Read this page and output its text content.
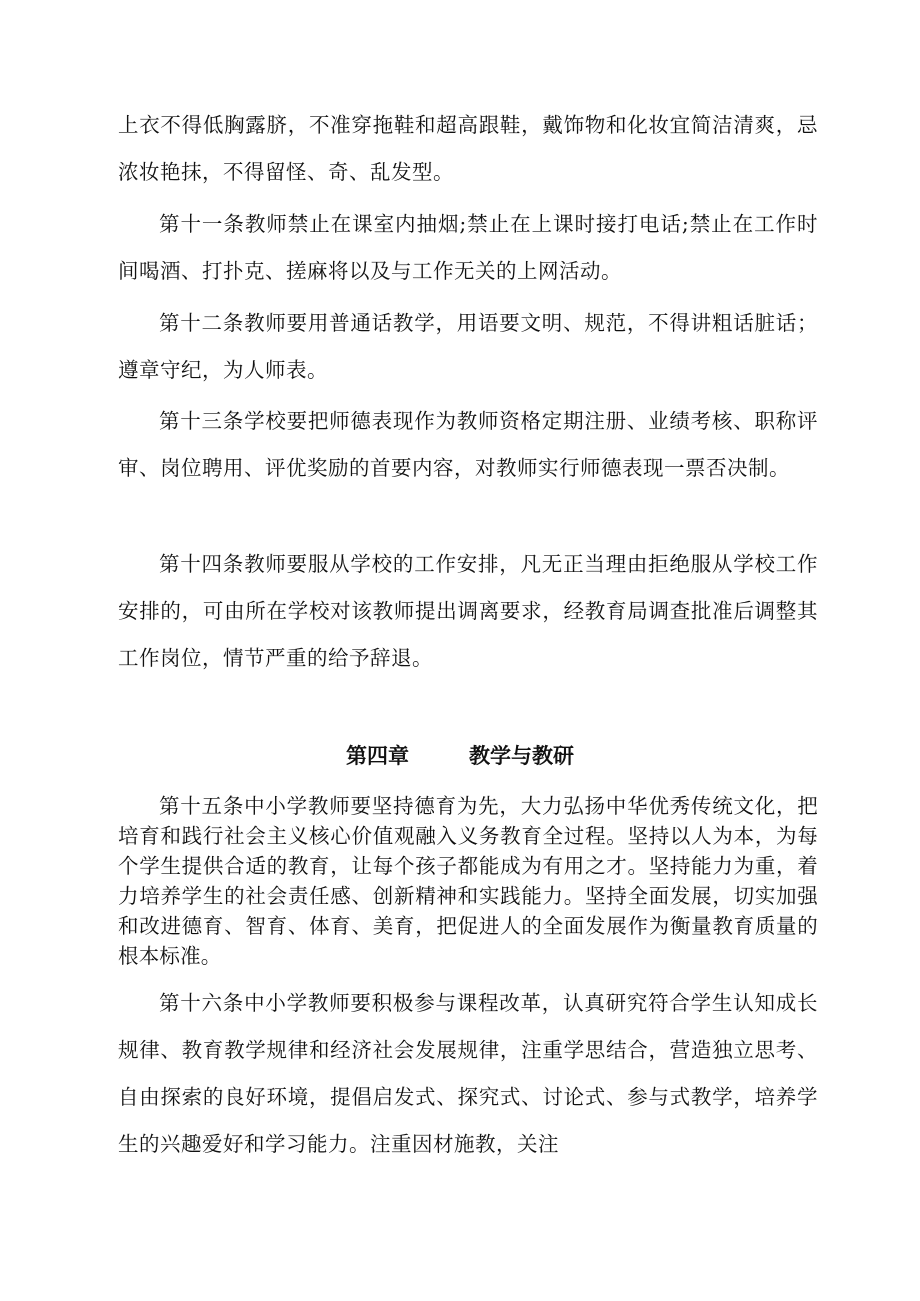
上衣不得低胸露脐，不准穿拖鞋和超高跟鞋，戴饰物和化妆宜简洁清爽，忌浓妆艳抹，不得留怪、奇、乱发型。

第十一条教师禁止在课室内抽烟;禁止在上课时接打电话;禁止在工作时间喝酒、打扑克、搓麻将以及与工作无关的上网活动。

第十二条教师要用普通话教学，用语要文明、规范，不得讲粗话脏话；遵章守纪，为人师表。

第十三条学校要把师德表现作为教师资格定期注册、业绩考核、职称评审、岗位聘用、评优奖励的首要内容，对教师实行师德表现一票否决制。

第十四条教师要服从学校的工作安排，凡无正当理由拒绝服从学校工作安排的，可由所在学校对该教师提出调离要求，经教育局调查批准后调整其工作岗位，情节严重的给予辞退。

第四章	教学与教研

第十五条中小学教师要坚持德育为先，大力弘扬中华优秀传统文化，把培育和践行社会主义核心价值观融入义务教育全过程。坚持以人为本，为每个学生提供合适的教育，让每个孩子都能成为有用之才。坚持能力为重，着力培养学生的社会责任感、创新精神和实践能力。坚持全面发展，切实加强和改进德育、智育、体育、美育，把促进人的全面发展作为衡量教育质量的根本标准。

第十六条中小学教师要积极参与课程改革，认真研究符合学生认知成长规律、教育教学规律和经济社会发展规律，注重学思结合，营造独立思考、自由探索的良好环境，提倡启发式、探究式、讨论式、参与式教学，培养学生的兴趣爱好和学习能力。注重因材施教，关注
